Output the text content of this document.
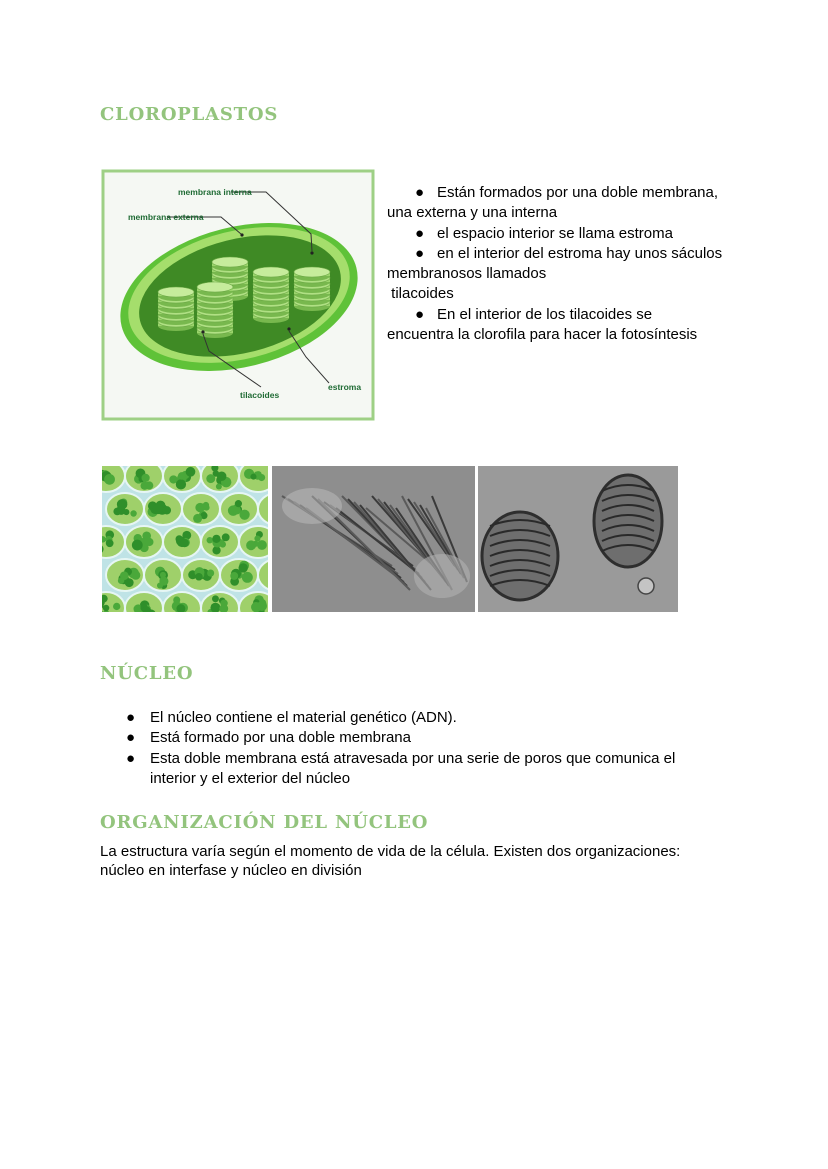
CLOROPLASTOS
membrana interna
membrana externa
tilacoides
estroma
● Están formados por una doble membrana,
una externa y una interna
● el espacio interior se llama estroma
● en el interior del estroma hay unos sáculos
membranosos llamados
tilacoides
● En el interior de los tilacoides se
encuentra la clorofila para hacer la fotosíntesis
NÚCLEO
● El núcleo contiene el material genético (ADN).
● Está formado por una doble membrana
● Esta doble membrana está atravesada por una serie de poros que comunica el
interior y el exterior del núcleo
ORGANIZACIÓN DEL NÚCLEO

La estructura varía según el momento de vida de la célula. Existen dos organizaciones:
núcleo en interfase y núcleo en división
